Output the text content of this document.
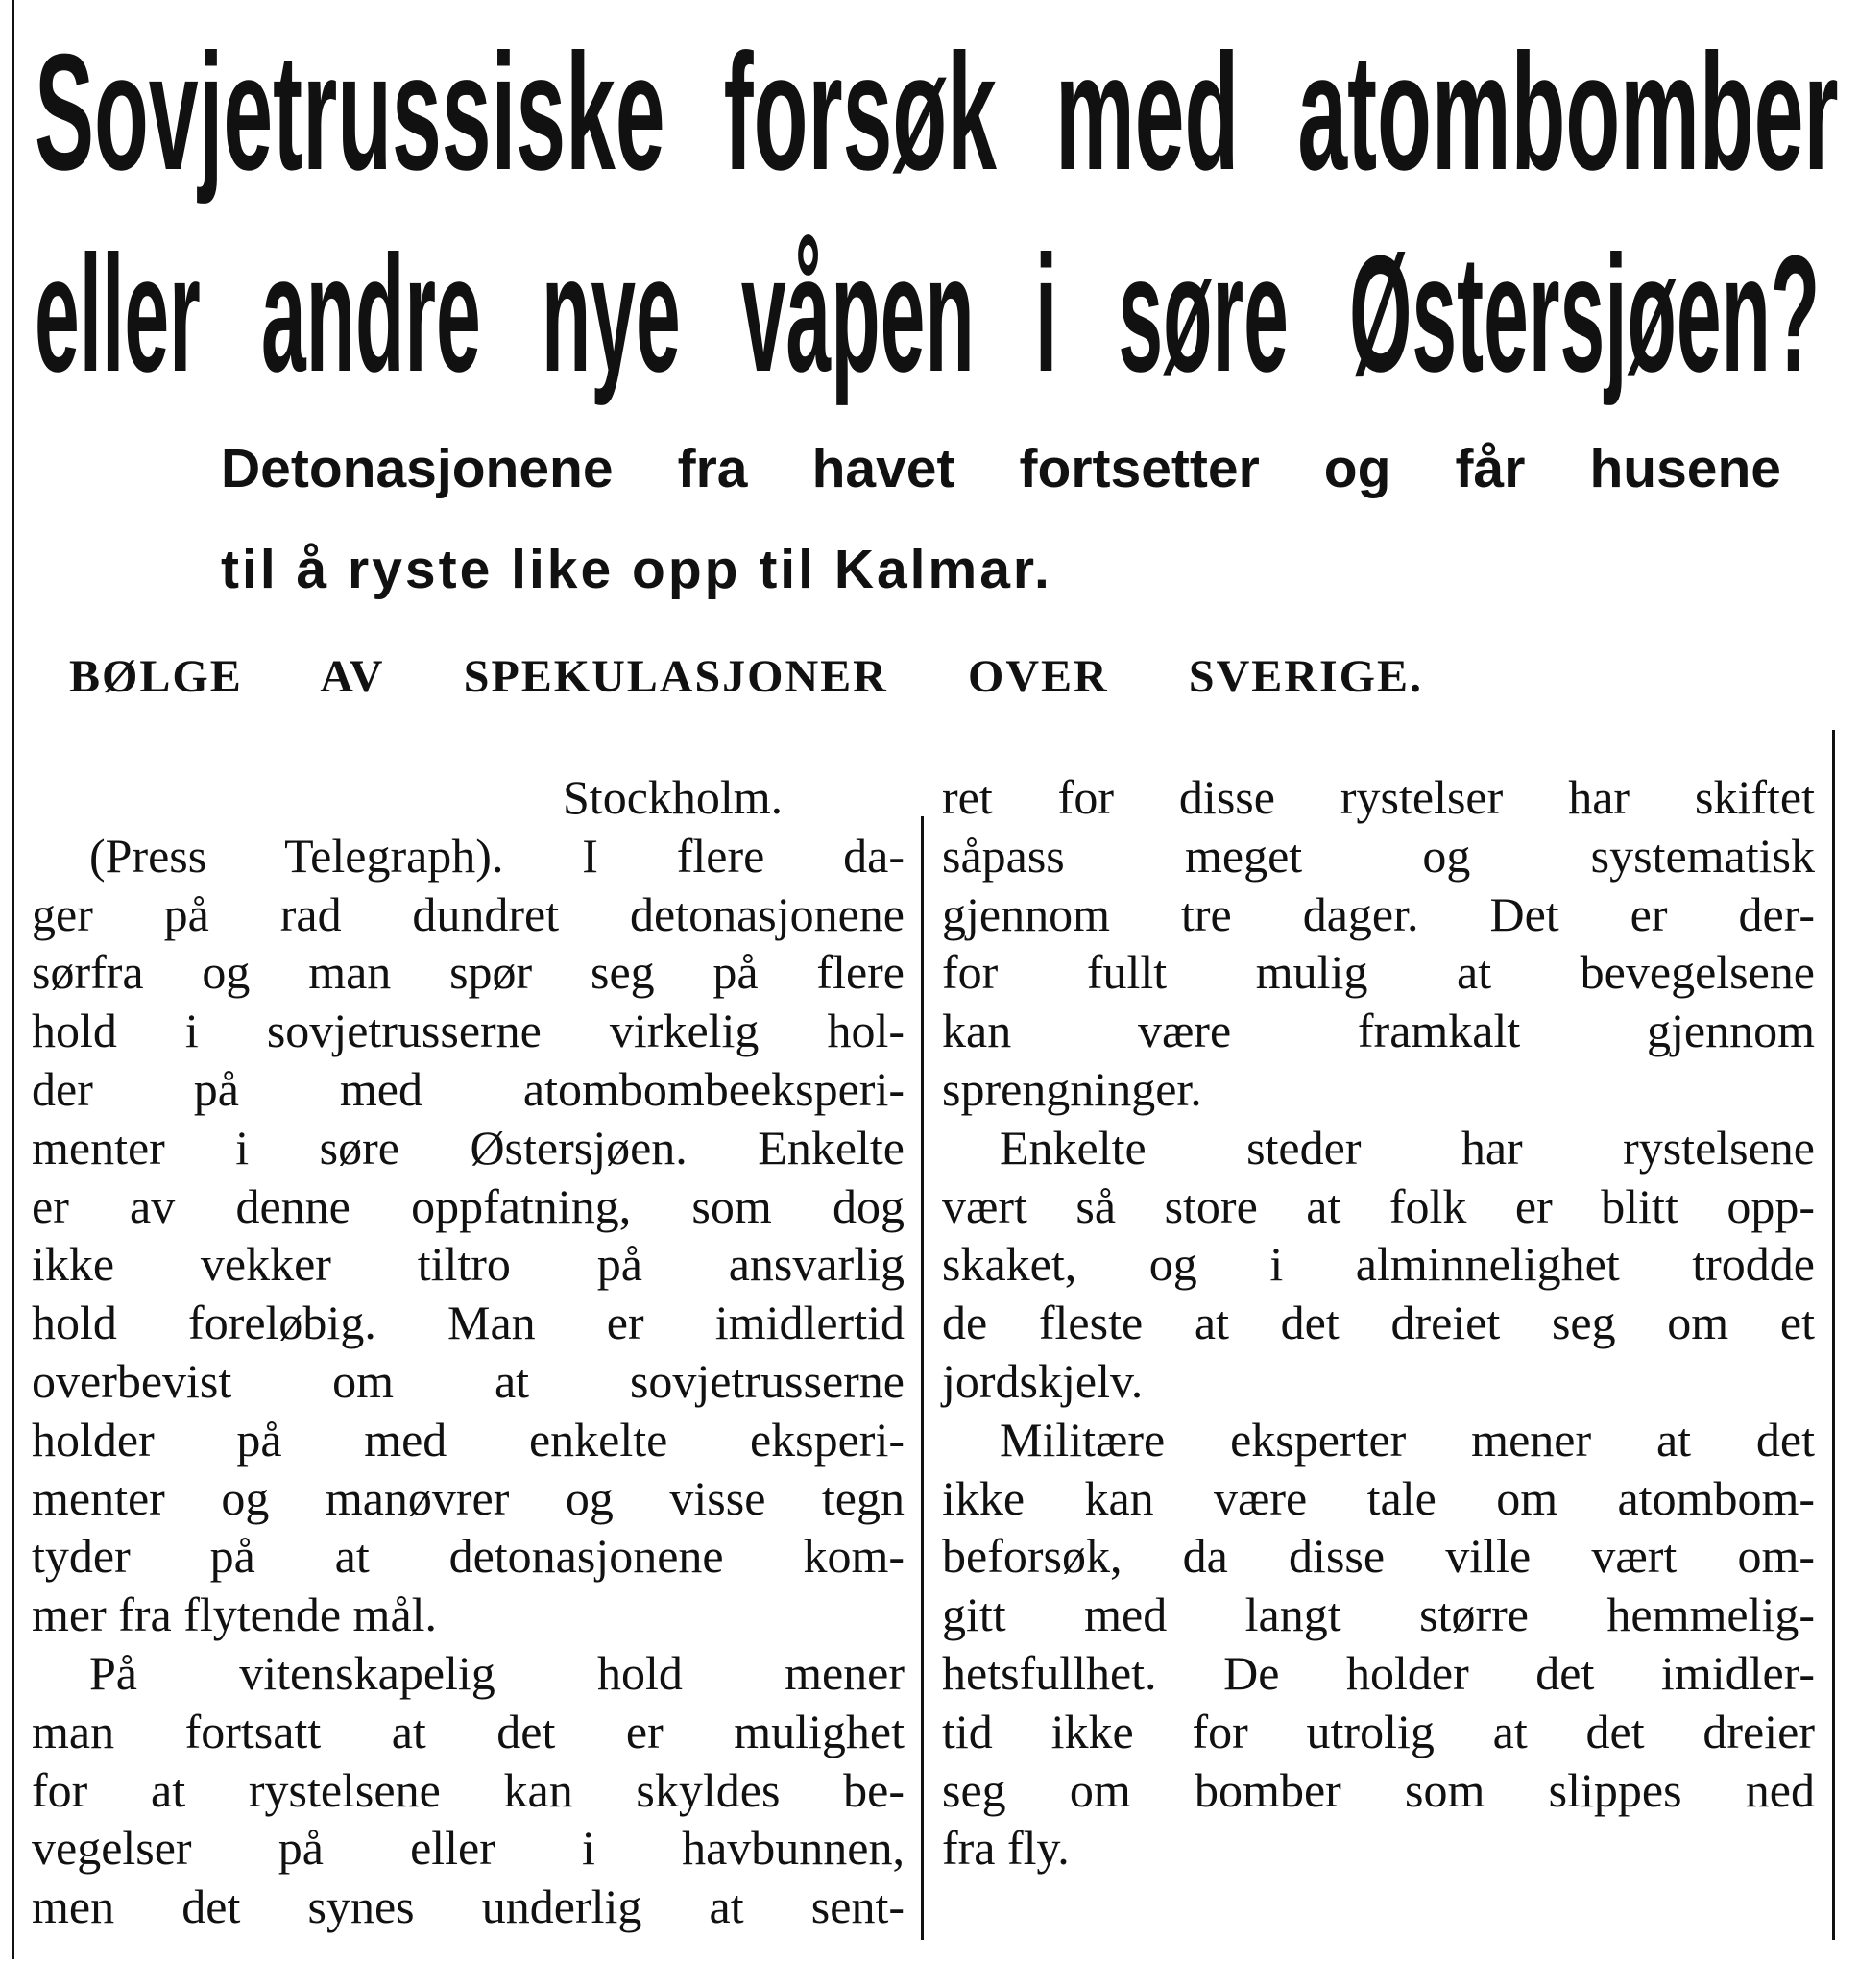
Sovjetrussiske forsøk med atombomber
eller andre nye våpen i søre Østersjøen?
Detonasjonene fra havet fortsetter og får husene
til å ryste like opp til Kalmar.
BØLGE AV SPEKULASJONER OVER SVERIGE.
Stockholm.
(Press Telegraph). I flere da-
ger på rad dundret detonasjonene
sørfra og man spør seg på flere
hold i sovjetrusserne virkelig hol-
der på med atombombeeksperi-
menter i søre Østersjøen. Enkelte
er av denne oppfatning, som dog
ikke vekker tiltro på ansvarlig
hold foreløbig. Man er imidlertid
overbevist om at sovjetrusserne
holder på med enkelte eksperi-
menter og manøvrer og visse tegn
tyder på at detonasjonene kom-
mer fra flytende mål.
På vitenskapelig hold mener
man fortsatt at det er mulighet
for at rystelsene kan skyldes be-
vegelser på eller i havbunnen,
men det synes underlig at sent-
ret for disse rystelser har skiftet
såpass meget og systematisk
gjennom tre dager. Det er der-
for fullt mulig at bevegelsene
kan være framkalt gjennom
sprengninger.
Enkelte steder har rystelsene
vært så store at folk er blitt opp-
skaket, og i alminnelighet trodde
de fleste at det dreiet seg om et
jordskjelv.
Militære eksperter mener at det
ikke kan være tale om atombom-
beforsøk, da disse ville vært om-
gitt med langt større hemmelig-
hetsfullhet. De holder det imidler-
tid ikke for utrolig at det dreier
seg om bomber som slippes ned
fra fly.
